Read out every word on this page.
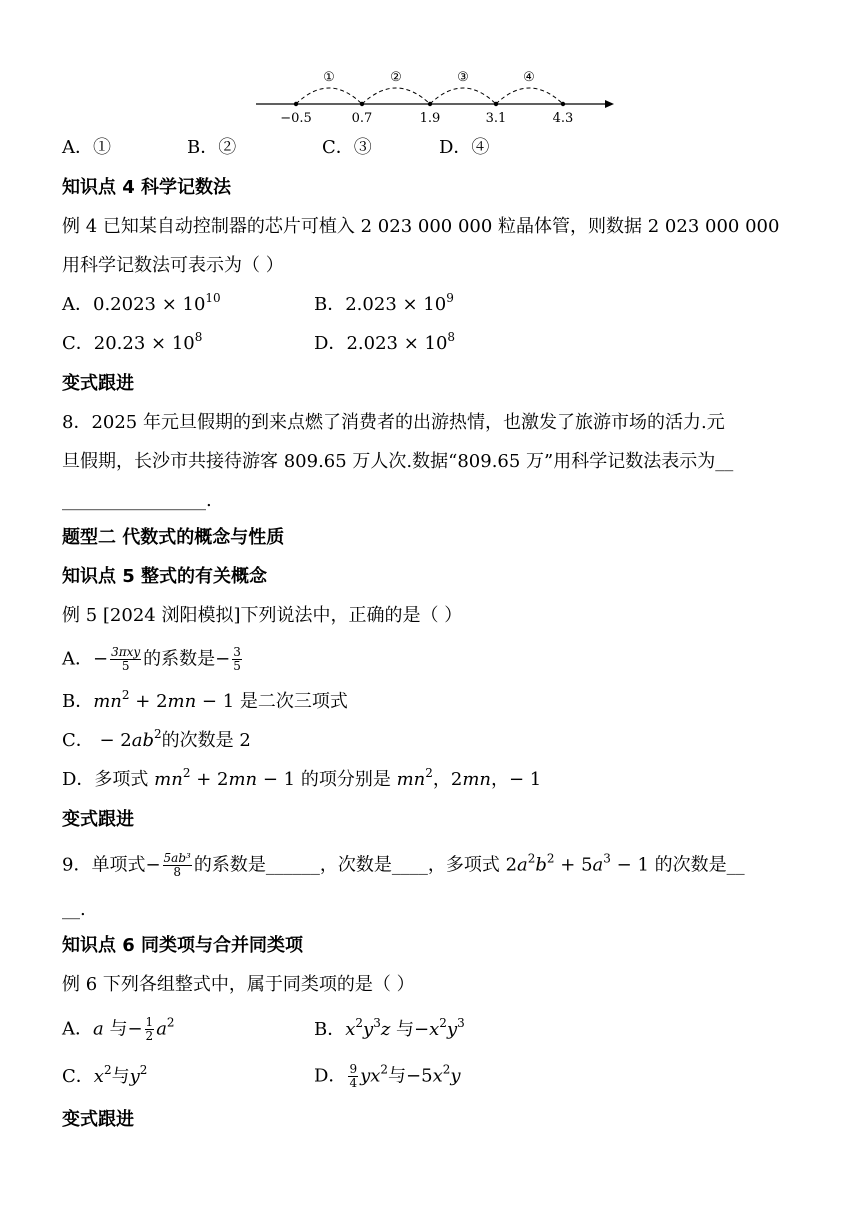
①	②	③	④
−0.5	0.7	1.9	3.1	4.3
A．①	B．②	C．③	D．④
知识点 4 科学记数法
例 4 已知某自动控制器的芯片可植入 2 023 000 000 粒晶体管，则数据 2 023 000 000
用科学记数法可表示为（ ）
A．$0.2023 \times 10^{10}$	B．$2.023 \times 10^9$
C．$20.23 \times 10^8$	D．$2.023 \times 10^8$
变式跟进
8．2025 年元旦假期的到来点燃了消费者的出游热情，也激发了旅游市场的活力.元
旦假期，长沙市共接待游客 809.65 万人次.数据“809.65 万”用科学记数法表示为__
________________.
题型二 代数式的概念与性质
知识点 5 整式的有关概念
例 5 [2024 浏阳模拟]下列说法中，正确的是（ ）
A．− $\frac{\text{3πxy}}{5}$ 的系数是− $\frac{3}{5}$
B．$mn^2 + 2mn - 1$ 是二次三项式
C． − $2ab^2$的次数是 2
D．多项式 $mn^2 + 2mn - 1$ 的项分别是 $mn^2$，2mn，− 1
变式跟进
9．单项式− $\frac{\text{5ab³}}{8}$ 的系数是______，次数是____，多项式 $2a^2b^2 + 5a^3 - 1$ 的次数是__
__.
知识点 6 同类项与合并同类项
例 6 下列各组整式中，属于同类项的是（ ）
A．a 与− $\frac{1}{2} a^2$	B．$x^2y^3z$ 与$-x^2y^3$
C．$x^2$与$y^2$	D． $\frac{9}{4} yx^2$与$-5x^2y$
变式跟进
